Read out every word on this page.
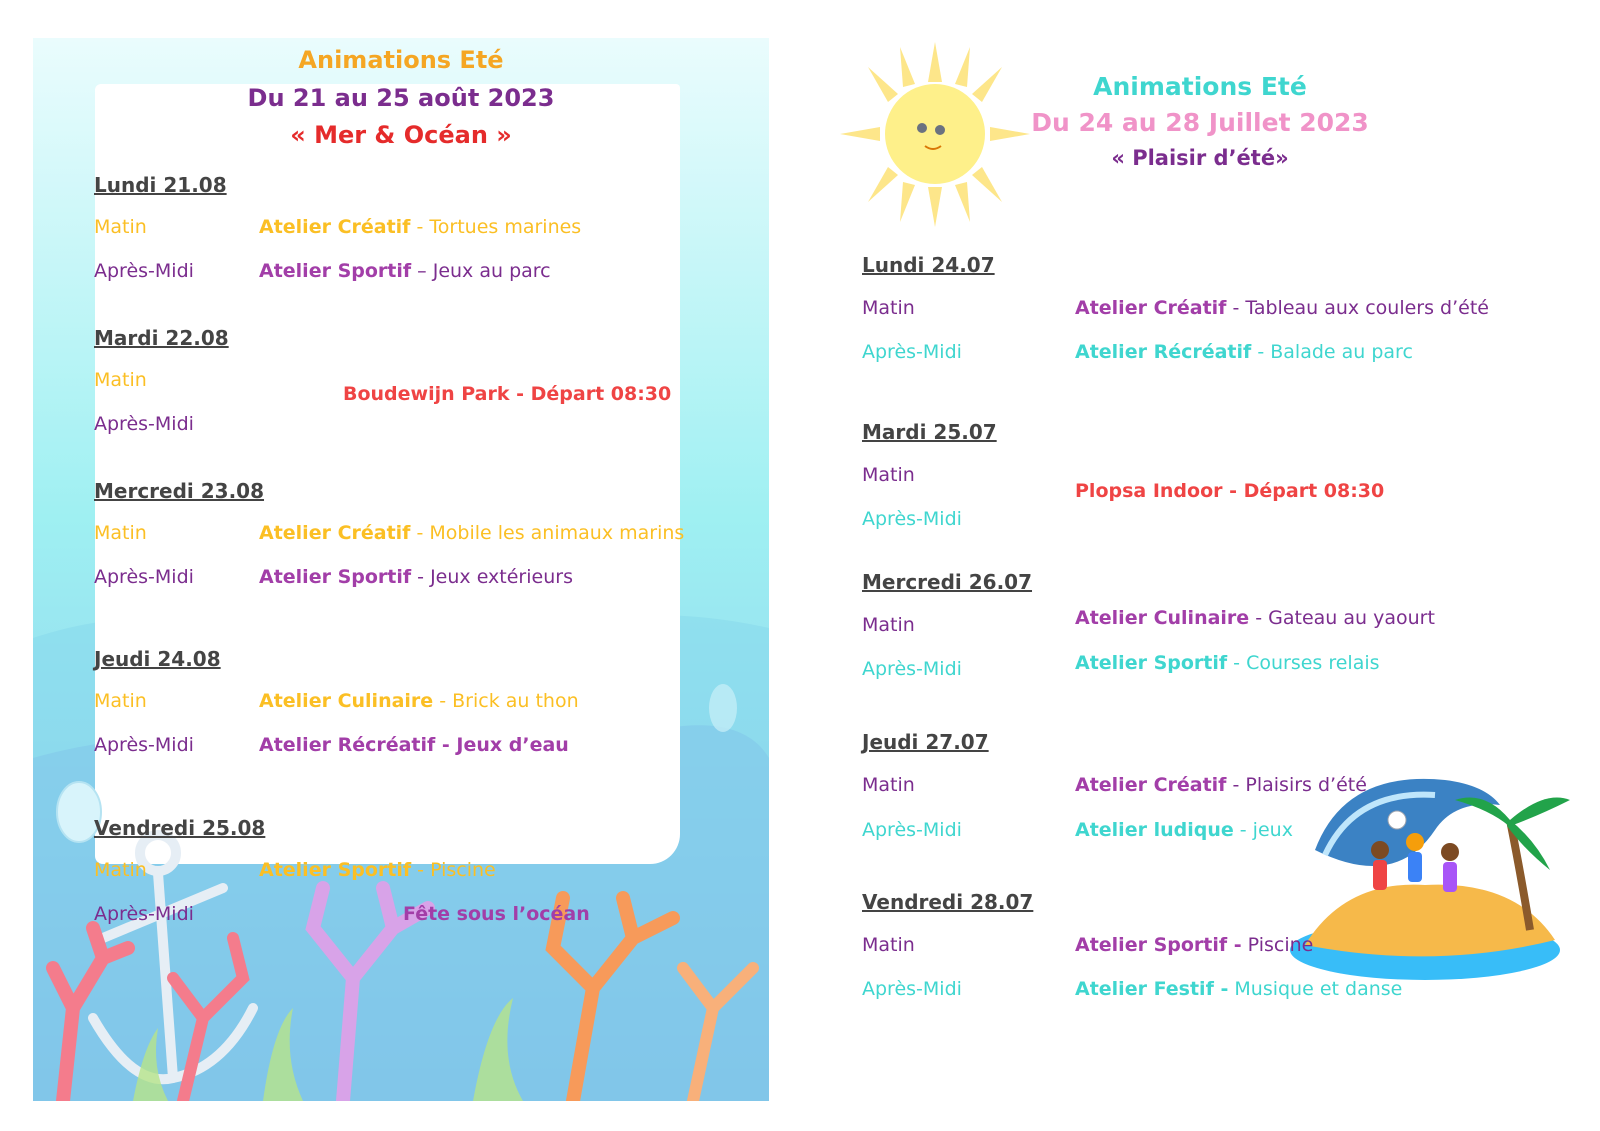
Animations Eté
Du 21 au 25 août 2023
« Mer & Océan »
Lundi 21.08
Matin	Atelier Créatif - Tortues marines
Après-Midi	Atelier Sportif – Jeux au parc
Mardi 22.08
Matin
Boudewijn Park - Départ 08:30
Après-Midi
Mercredi 23.08
Matin	Atelier Créatif - Mobile les animaux marins
Après-Midi	Atelier Sportif - Jeux extérieurs
Jeudi 24.08
Matin	Atelier Culinaire - Brick au thon
Après-Midi	Atelier Récréatif - Jeux d’eau
Vendredi 25.08
Matin	Atelier Sportif - Piscine
Après-Midi	Fête sous l’océan
Animations Eté
Du 24 au 28 Juillet 2023
« Plaisir d’été»
Lundi 24.07
Matin	Atelier Créatif - Tableau aux coulers d’été
Après-Midi	Atelier Récréatif - Balade au parc
Mardi 25.07
Matin
Plopsa Indoor - Départ 08:30
Après-Midi
Mercredi 26.07
Matin	Atelier Culinaire - Gateau au yaourt
Après-Midi	Atelier Sportif - Courses relais
Jeudi 27.07
Matin	Atelier Créatif - Plaisirs d’été
Après-Midi	Atelier ludique - jeux
Vendredi 28.07
Matin	Atelier Sportif - Piscine
Après-Midi	Atelier Festif - Musique et danse
